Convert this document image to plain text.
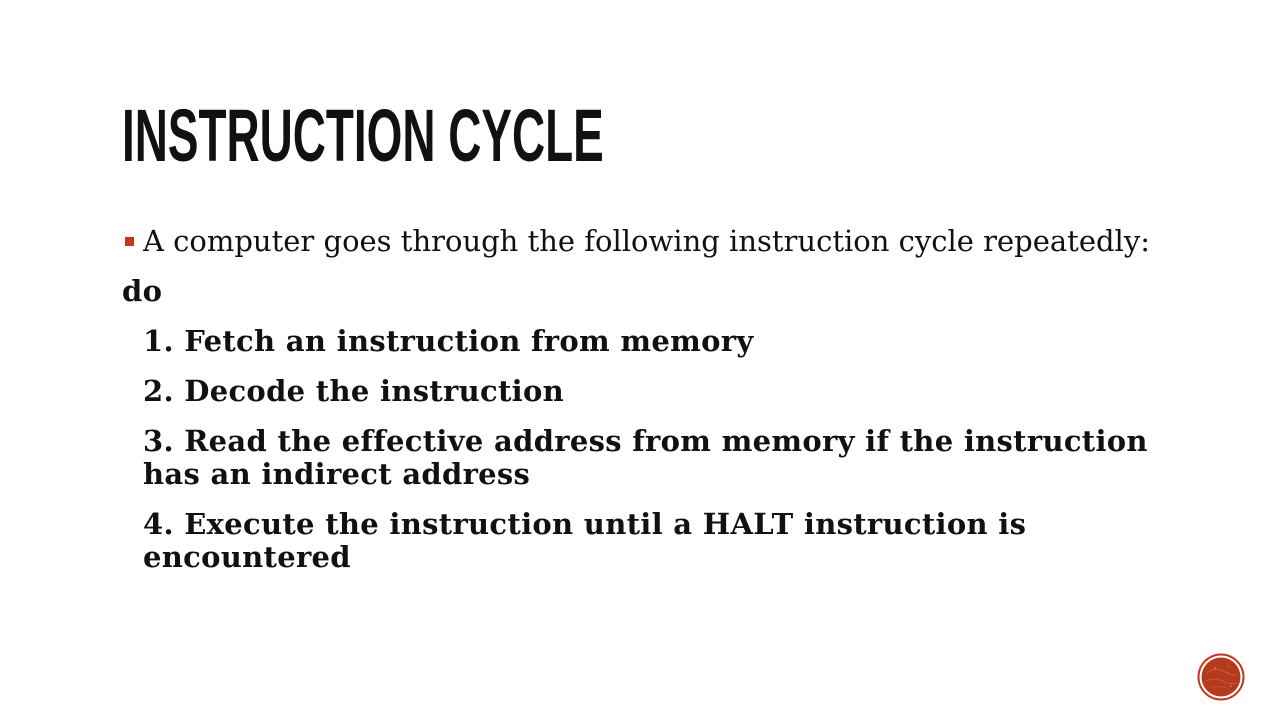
INSTRUCTION CYCLE
A computer goes through the following instruction cycle repeatedly:
do
1. Fetch an instruction from memory
2. Decode the instruction
3. Read the effective address from memory if the instruction has an indirect address
4. Execute the instruction until a HALT instruction is encountered
